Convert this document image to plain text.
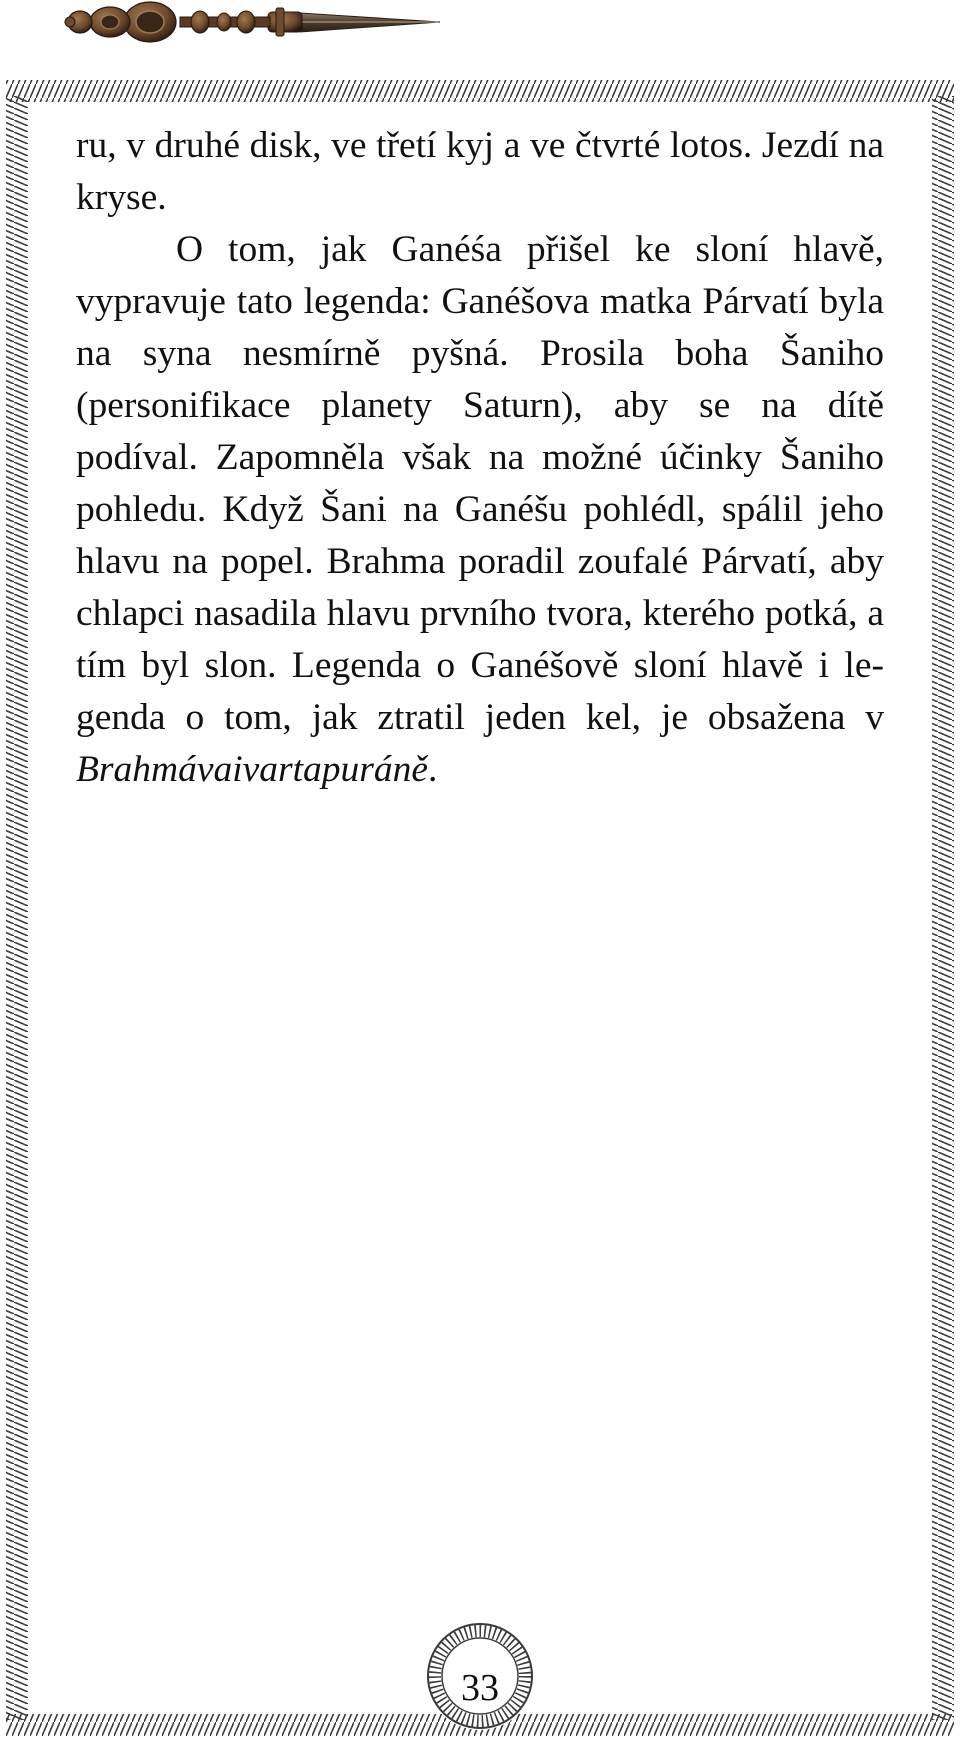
ru, v druhé disk, ve třetí kyj a ve čtvrté lotos. Jezdí na kryse.

O tom, jak Ganéśa přišel ke sloní hlavě, vypravuje tato legenda: Ganéšova matka Párvatí byla na syna nesmírně pyšná. Prosila boha Šaniho (personifikace planety Saturn), aby se na dítě podíval. Zapomněla však na možné účinky Šaniho pohledu. Když Šani na Ganéšu pohlédl, spálil jeho hlavu na popel. Brahma poradil zoufalé Párvatí, aby chlapci nasadila hlavu prvního tvora, kterého potká, a tím byl slon. Legenda o Ganéšově sloní hlavě i legenda o tom, jak ztratil jeden kel, je obsažena v Brahmávaivartapuráně.

33
